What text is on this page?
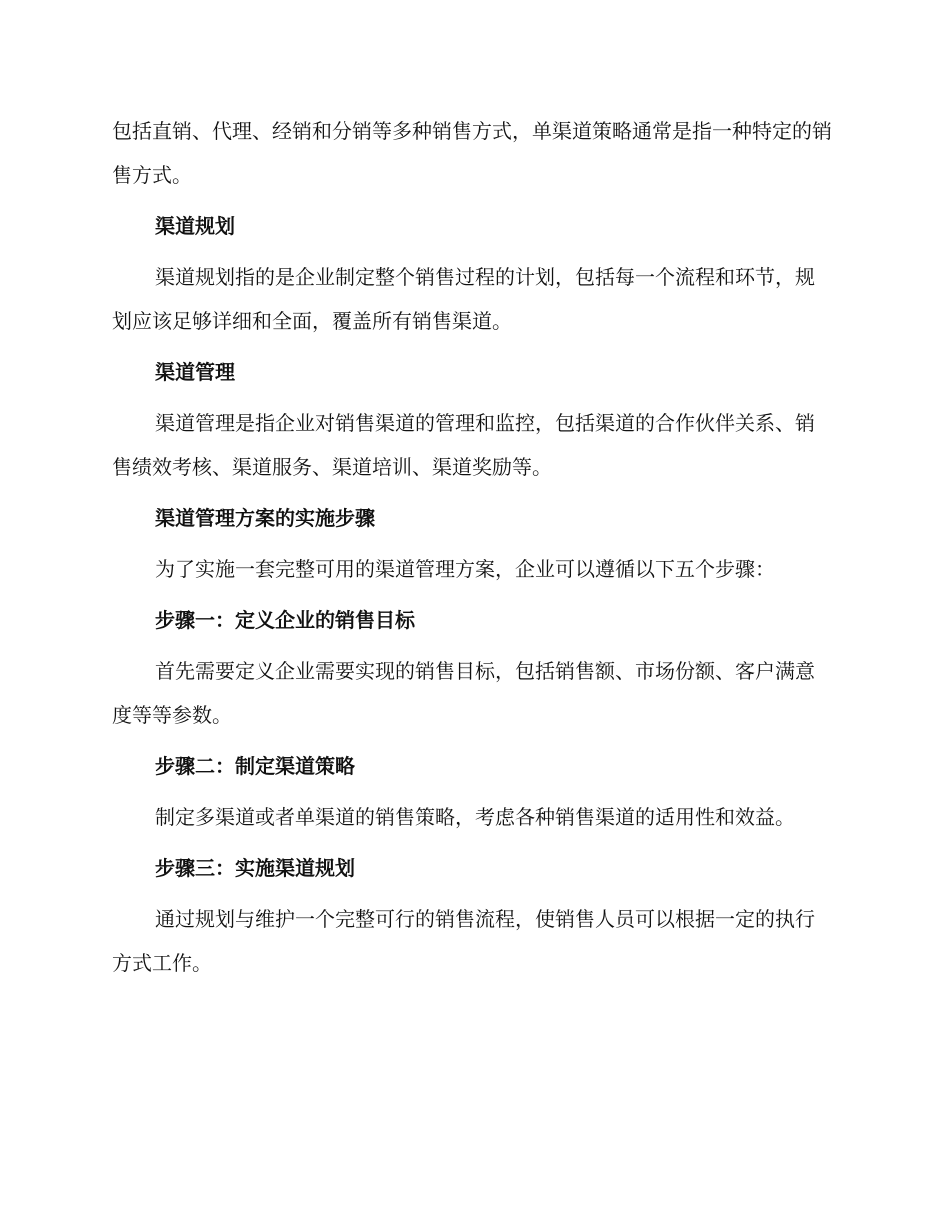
包括直销、代理、经销和分销等多种销售方式，单渠道策略通常是指一种特定的销售方式。

渠道规划

渠道规划指的是企业制定整个销售过程的计划，包括每一个流程和环节，规划应该足够详细和全面，覆盖所有销售渠道。

渠道管理

渠道管理是指企业对销售渠道的管理和监控，包括渠道的合作伙伴关系、销售绩效考核、渠道服务、渠道培训、渠道奖励等。

渠道管理方案的实施步骤

为了实施一套完整可用的渠道管理方案，企业可以遵循以下五个步骤：

步骤一：定义企业的销售目标

首先需要定义企业需要实现的销售目标，包括销售额、市场份额、客户满意度等等参数。

步骤二：制定渠道策略

制定多渠道或者单渠道的销售策略，考虑各种销售渠道的适用性和效益。

步骤三：实施渠道规划

通过规划与维护一个完整可行的销售流程，使销售人员可以根据一定的执行方式工作。
